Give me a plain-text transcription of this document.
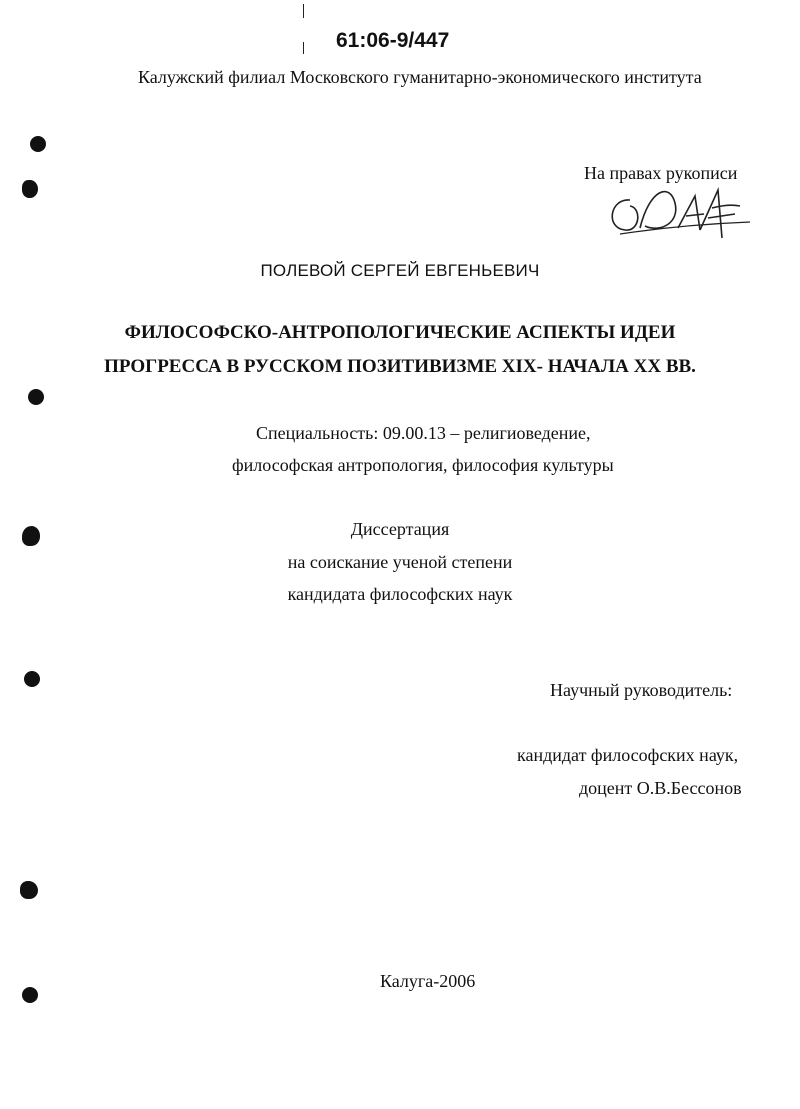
61:06-9/447
Калужский филиал Московского гуманитарно-экономического института
На правах рукописи
ПОЛЕВОЙ СЕРГЕЙ ЕВГЕНЬЕВИЧ
ФИЛОСОФСКО-АНТРОПОЛОГИЧЕСКИЕ АСПЕКТЫ ИДЕИ
ПРОГРЕССА В РУССКОМ ПОЗИТИВИЗМЕ XIX- НАЧАЛА XX ВВ.
Специальность: 09.00.13 – религиоведение,
философская антропология, философия культуры
Диссертация
на соискание ученой степени
кандидата философских наук
Научный руководитель:
кандидат философских наук,
доцент О.В.Бессонов
Калуга-2006
